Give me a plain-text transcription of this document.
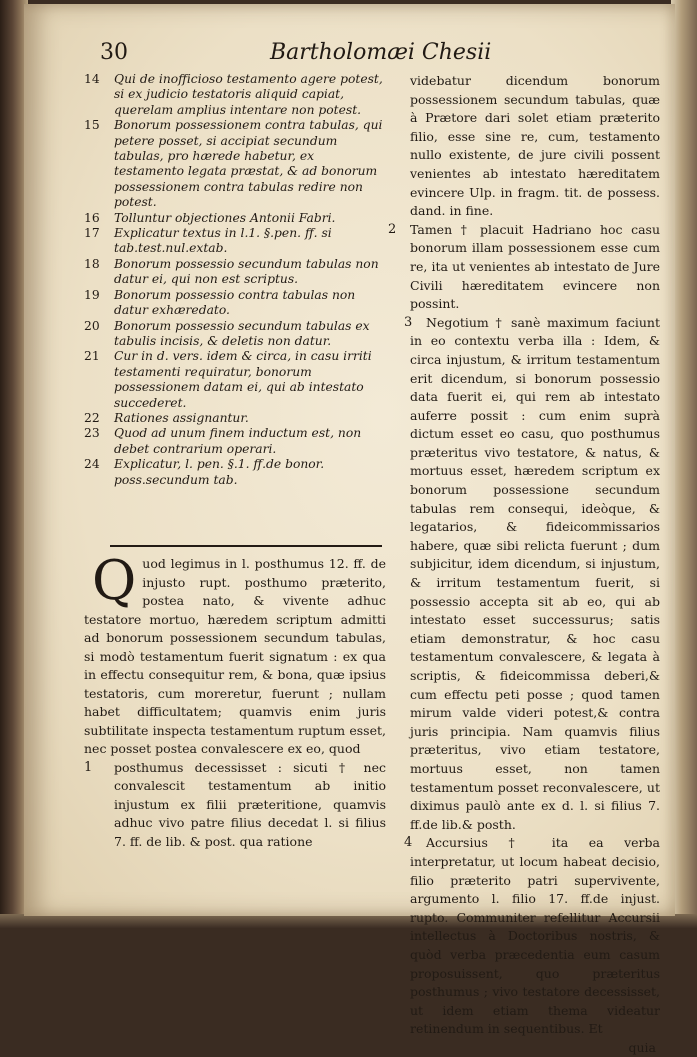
30	Bartholomæi Chesii
14 Qui de inofficioso testamento agere potest, si ex judicio testatoris aliquid capiat, querelam amplius intentare non potest.
15 Bonorum possessionem contra tabulas, qui petere posset, si accipiat secundum tabulas, pro hærede habetur, ex testamento legata præstat, & ad bonorum possessionem contra tabulas redire non potest.
16 Tolluntur objectiones Antonii Fabri.
17 Explicatur textus in l.1. §.pen. ff. si tab.test.nul.extab.
18 Bonorum possessio secundum tabulas non datur ei, qui non est scriptus.
19 Bonorum possessio contra tabulas non datur exhæredato.
20 Bonorum possessio secundum tabulas ex tabulis incisis, & deletis non datur.
21 Cur in d. vers. idem & circa, in casu irriti testamenti requiratur, bonorum possessionem datam ei, qui ab intestato succederet.
22 Rationes assignantur.
23 Quod ad unum finem inductum est, non debet contrarium operari.
24 Explicatur, l. pen. §.1. ff.de bonor. poss.secundum tab.
Quod legimus in l. posthumus 12. ff. de injusto rupt. posthumo præterito, postea nato, & vivente adhuc testatore mortuo, hæredem scriptum admitti ad bonorum possessionem secundum tabulas, si modò testamentum fuerit signatum : ex qua in effectu consequitur rem, & bona, quæ ipsius testatoris, cum moreretur, fuerunt ; nullam habet difficultatem; quamvis enim juris subtilitate inspecta testamentum ruptum esset, nec posset postea convalescere ex eo, quod
1 posthumus decessisset : sicuti † nec convalescit testamentum ab initio injustum ex filii præteritione, quamvis adhuc vivo patre filius decedat l. si filius 7. ff. de lib. & post. qua ratione

videbatur dicendum bonorum possessionem secundum tabulas, quæ à Prætore dari solet etiam præterito filio, esse sine re, cum, testamento nullo existente, de jure civili possent venientes ab intestato hæreditatem evincere Ulp. in fragm. tit. de possess. dand. in fine.

2 Tamen † placuit Hadriano hoc casu bonorum illam possessionem esse cum re, ita ut venientes ab intestato de Jure Civili hæreditatem evincere non possint.

3 Negotium † sanè maximum faciunt in eo contextu verba illa : Idem, & circa injustum, & irritum testamentum erit dicendum, si bonorum possessio data fuerit ei, qui rem ab intestato auferre possit : cum enim suprà dictum esset eo casu, quo posthumus præteritus vivo testatore, & natus, & mortuus esset, hæredem scriptum ex bonorum possessione secundum tabulas rem consequi, ideòque, & legatarios, & fideicommissarios habere, quæ sibi relicta fuerunt ; dum subjicitur, idem dicendum, si injustum, & irritum testamentum fuerit, si possessio accepta sit ab eo, qui ab intestato esset successurus; satis etiam demonstratur, & hoc casu testamentum convalescere, & legata à scriptis, & fideicommissa deberi,& cum effectu peti posse ; quod tamen mirum valde videri potest,& contra juris principia. Nam quamvis filius præteritus, vivo etiam testatore, mortuus esset, non tamen testamentum posset reconvalescere, ut diximus paulò ante ex d. l. si filius 7. ff.de lib.& posth.

4 Accursius † ita ea verba interpretatur, ut locum habeat decisio, filio præterito patri supervivente, argumento l. filio 17. ff.de injust. rupto. Communiter refellitur Accursii intellectus à Doctoribus nostris, & quòd verba præcedentia eum casum proposuissent, quo præteritus posthumus ; vivo testatore decessisset, ut idem etiam thema videatur retinendum in sequentibus. Et

quia
